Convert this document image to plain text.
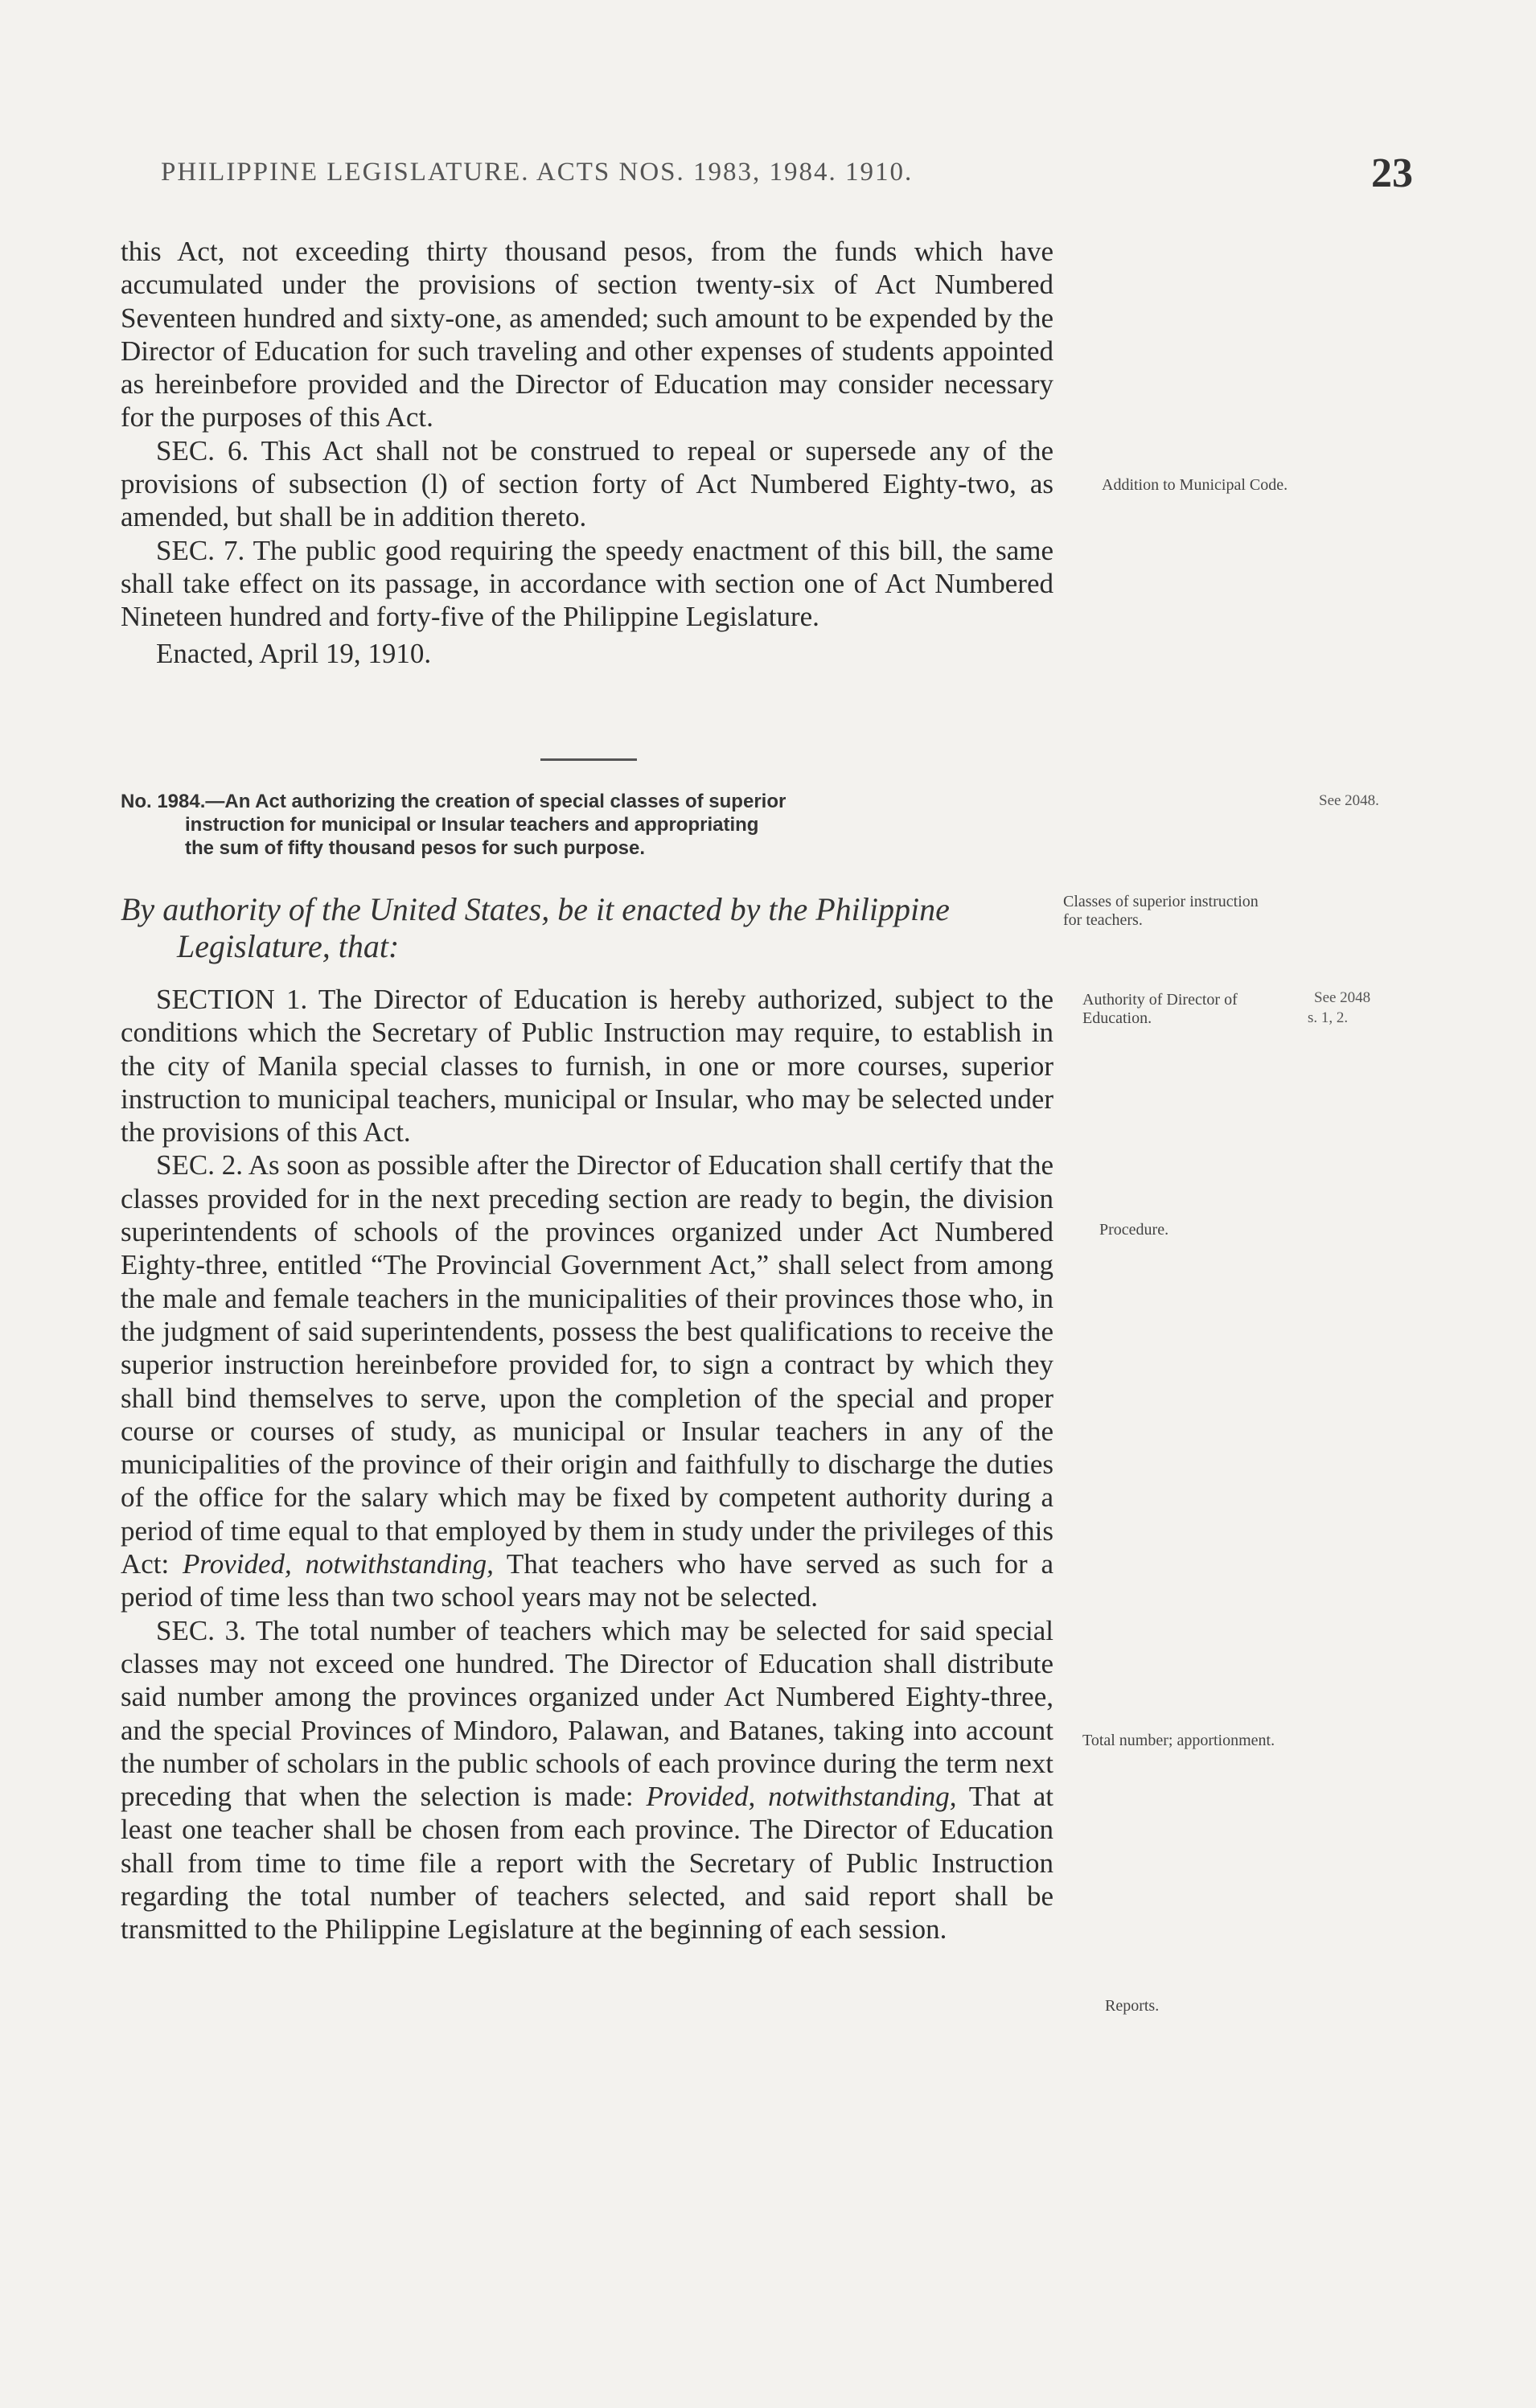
PHILIPPINE LEGISLATURE. ACTS NOS. 1983, 1984. 1910.	23

this Act, not exceeding thirty thousand pesos, from the funds which have accumulated under the provisions of section twenty-six of Act Numbered Seventeen hundred and sixty-one, as amended; such amount to be expended by the Director of Education for such traveling and other expenses of students appointed as hereinbefore provided and the Director of Education may consider necessary for the purposes of this Act.

SEC. 6. This Act shall not be construed to repeal or supersede any of the provisions of subsection (l) of section forty of Act Numbered Eighty-two, as amended, but shall be in addition thereto.

SEC. 7. The public good requiring the speedy enactment of this bill, the same shall take effect on its passage, in accordance with section one of Act Numbered Nineteen hundred and forty-five of the Philippine Legislature.

Enacted, April 19, 1910.

No. 1984.—An Act authorizing the creation of special classes of superior
instruction for municipal or Insular teachers and appropriating
the sum of fifty thousand pesos for such purpose.
By authority of the United States, be it enacted by the Philippine
Legislature, that:

SECTION 1. The Director of Education is hereby authorized, subject to the conditions which the Secretary of Public Instruction may require, to establish in the city of Manila special classes to furnish, in one or more courses, superior instruction to municipal teachers, municipal or Insular, who may be selected under the provisions of this Act.

SEC. 2. As soon as possible after the Director of Education shall certify that the classes provided for in the next preceding section are ready to begin, the division superintendents of schools of the provinces organized under Act Numbered Eighty-three, entitled “The Provincial Government Act,” shall select from among the male and female teachers in the municipalities of their provinces those who, in the judgment of said superintendents, possess the best qualifications to receive the superior instruction hereinbefore provided for, to sign a contract by which they shall bind themselves to serve, upon the completion of the special and proper course or courses of study, as municipal or Insular teachers in any of the municipalities of the province of their origin and faithfully to discharge the duties of the office for the salary which may be fixed by competent authority during a period of time equal to that employed by them in study under the privileges of this Act: Provided, notwithstanding, That teachers who have served as such for a period of time less than two school years may not be selected.

SEC. 3. The total number of teachers which may be selected for said special classes may not exceed one hundred. The Director of Education shall distribute said number among the provinces organized under Act Numbered Eighty-three, and the special Provinces of Mindoro, Palawan, and Batanes, taking into account the number of scholars in the public schools of each province during the term next preceding that when the selection is made: Provided, notwithstanding, That at least one teacher shall be chosen from each province. The Director of Education shall from time to time file a report with the Secretary of Public Instruction regarding the total number of teachers selected, and said report shall be transmitted to the Philippine Legislature at the beginning of each session.

Addition to Municipal Code.
Classes of superior instruction for teachers.
Authority of Director of Education.
Procedure.
Total number; apportionment.
Reports.
See 2048.
See 2048
s. 1, 2.
